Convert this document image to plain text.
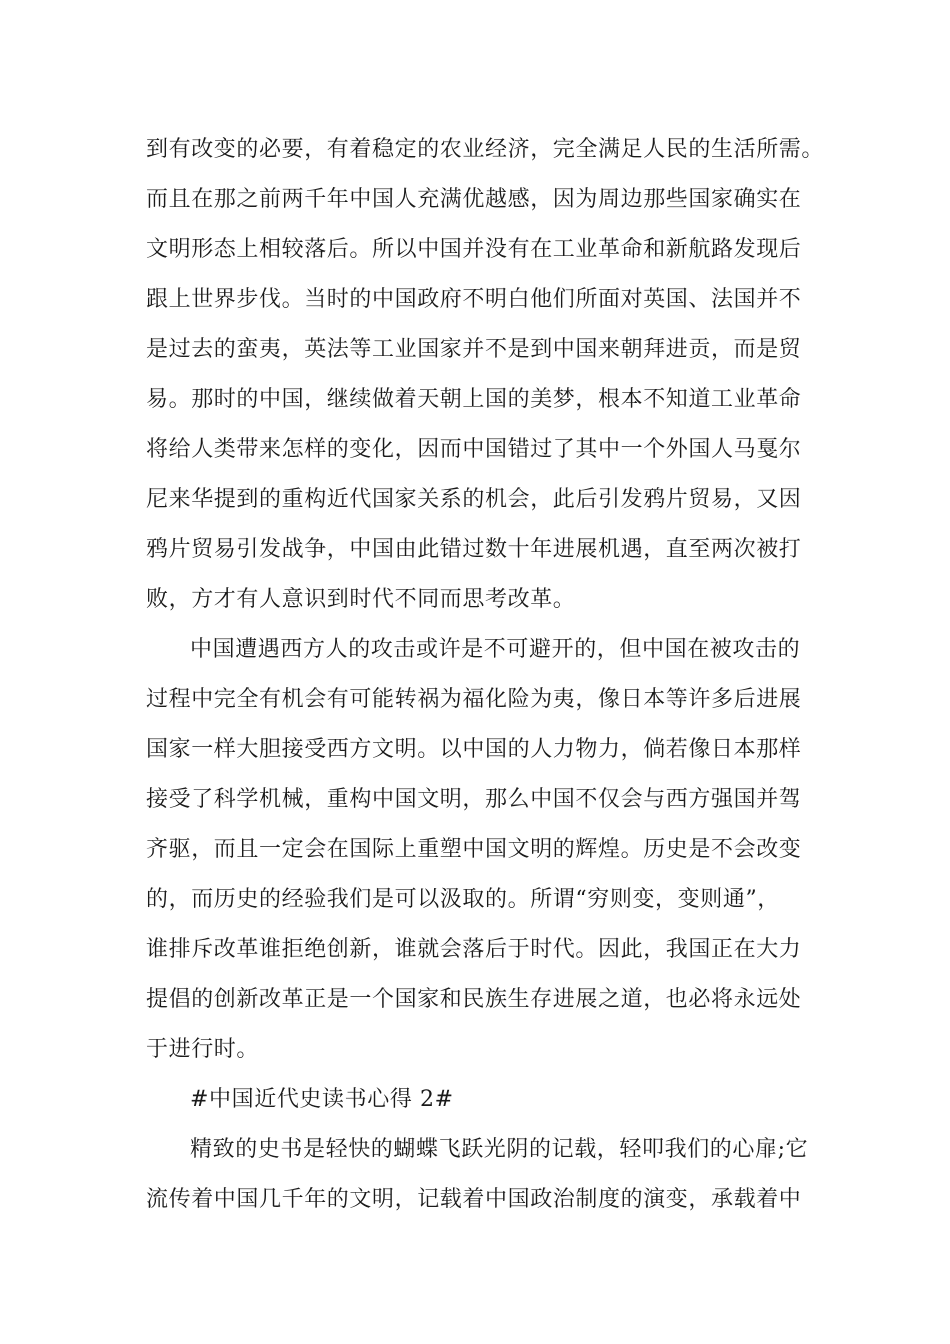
到有改变的必要，有着稳定的农业经济，完全满足人民的生活所需。
而且在那之前两千年中国人充满优越感，因为周边那些国家确实在
文明形态上相较落后。所以中国并没有在工业革命和新航路发现后
跟上世界步伐。当时的中国政府不明白他们所面对英国、法国并不
是过去的蛮夷，英法等工业国家并不是到中国来朝拜进贡，而是贸
易。那时的中国，继续做着天朝上国的美梦，根本不知道工业革命
将给人类带来怎样的变化，因而中国错过了其中一个外国人马戛尔
尼来华提到的重构近代国家关系的机会，此后引发鸦片贸易，又因
鸦片贸易引发战争，中国由此错过数十年进展机遇，直至两次被打
败，方才有人意识到时代不同而思考改革。
中国遭遇西方人的攻击或许是不可避开的，但中国在被攻击的
过程中完全有机会有可能转祸为福化险为夷，像日本等许多后进展
国家一样大胆接受西方文明。以中国的人力物力，倘若像日本那样
接受了科学机械，重构中国文明，那么中国不仅会与西方强国并驾
齐驱，而且一定会在国际上重塑中国文明的辉煌。历史是不会改变
的，而历史的经验我们是可以汲取的。所谓“穷则变，变则通”，
谁排斥改革谁拒绝创新，谁就会落后于时代。因此，我国正在大力
提倡的创新改革正是一个国家和民族生存进展之道，也必将永远处
于进行时。
#中国近代史读书心得 2#
精致的史书是轻快的蝴蝶飞跃光阴的记载，轻叩我们的心扉;它
流传着中国几千年的文明，记载着中国政治制度的演变，承载着中
